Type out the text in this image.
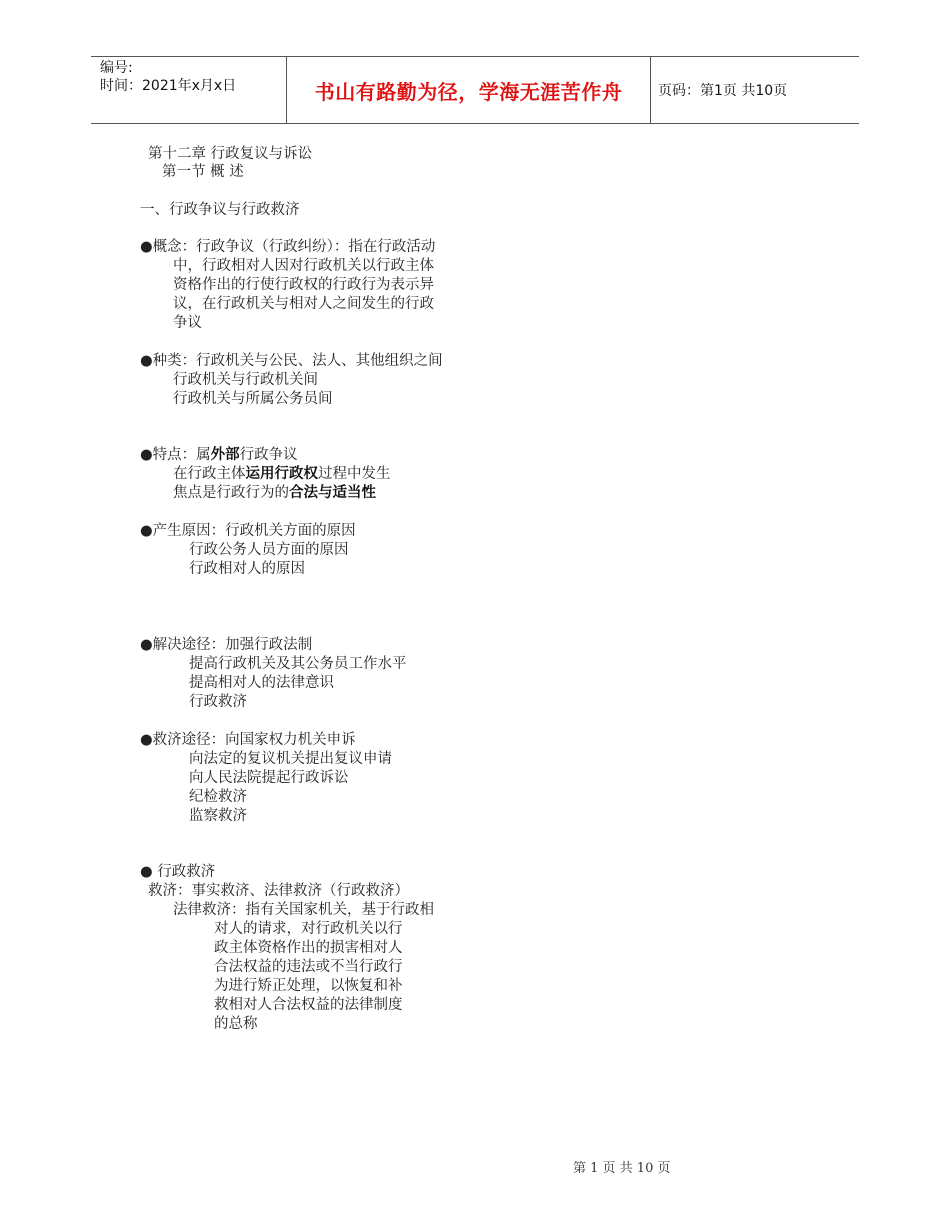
编号:
时间：2021年x月x日	书山有路勤为径，学海无涯苦作舟	页码：第1页 共10页
第十二章 行政复议与诉讼
第一节 概 述
一、行政争议与行政救济
●概念：行政争议（行政纠纷）：指在行政活动
中，行政相对人因对行政机关以行政主体
资格作出的行使行政权的行政行为表示异
议，在行政机关与相对人之间发生的行政
争议
●种类：行政机关与公民、法人、其他组织之间
行政机关与行政机关间
行政机关与所属公务员间
●特点：属外部行政争议
在行政主体运用行政权过程中发生
焦点是行政行为的合法与适当性
●产生原因：行政机关方面的原因
行政公务人员方面的原因
行政相对人的原因
●解决途径：加强行政法制
提高行政机关及其公务员工作水平
提高相对人的法律意识
行政救济
●救济途径：向国家权力机关申诉
向法定的复议机关提出复议申请
向人民法院提起行政诉讼
纪检救济
监察救济
● 行政救济
救济：事实救济、法律救济（行政救济）
法律救济：指有关国家机关，基于行政相
对人的请求，对行政机关以行
政主体资格作出的损害相对人
合法权益的违法或不当行政行
为进行矫正处理，以恢复和补
救相对人合法权益的法律制度
的总称
第 1 页 共 10 页
